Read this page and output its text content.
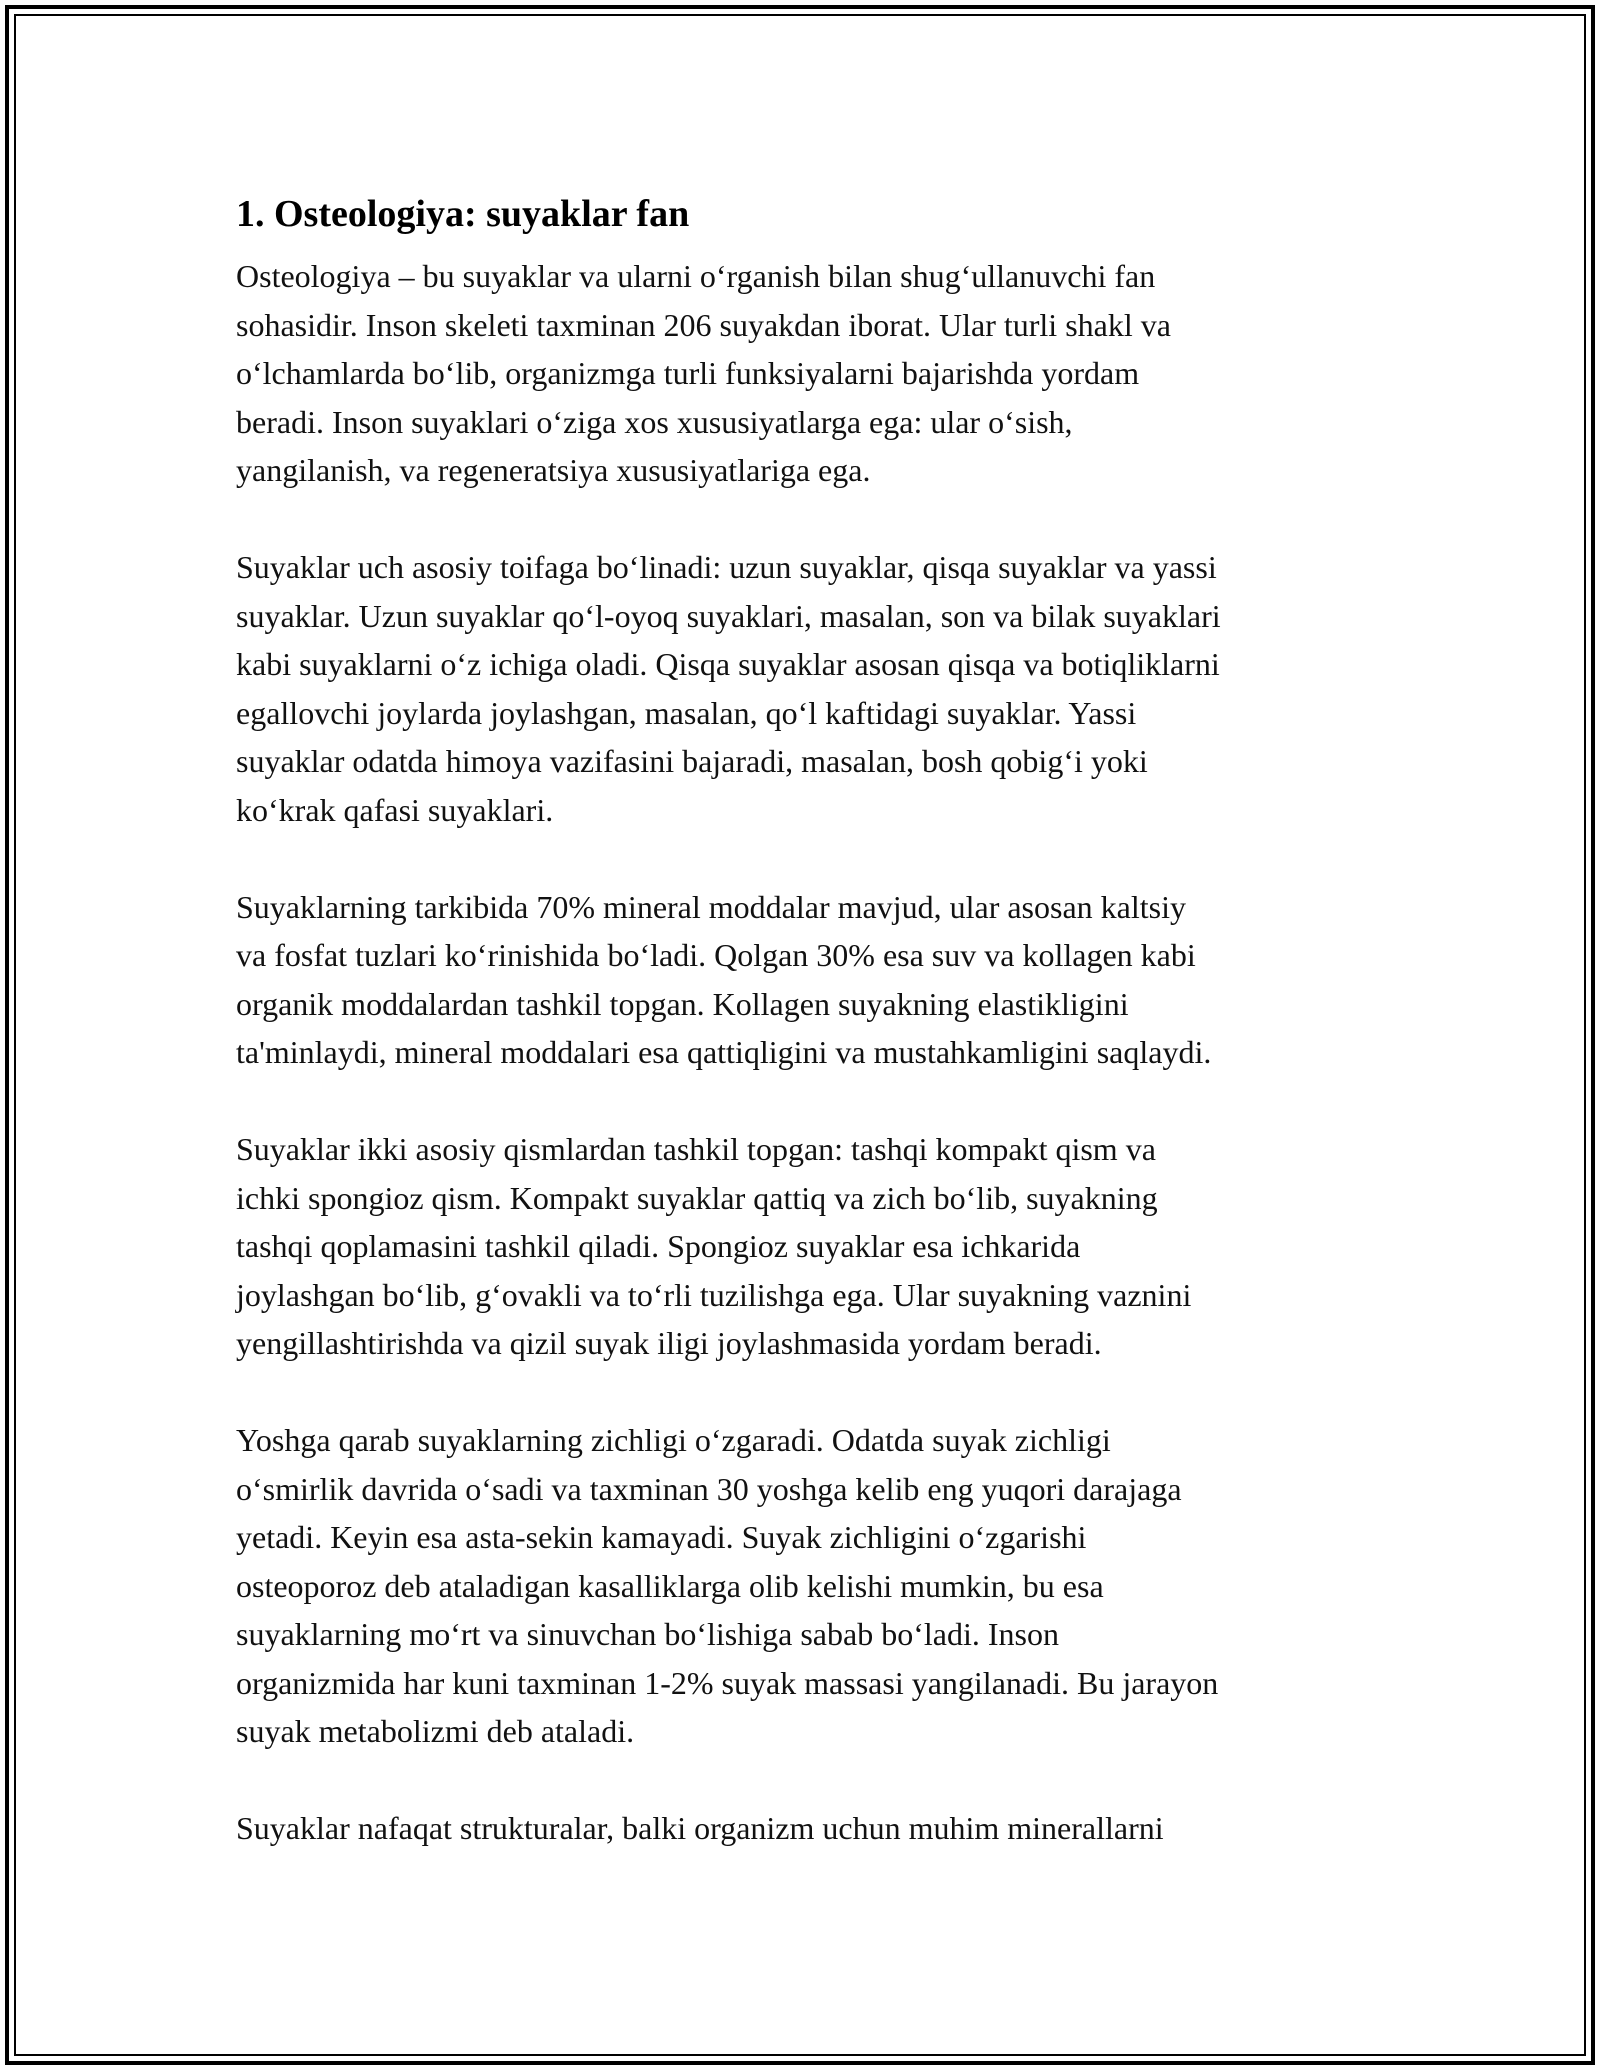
1. Osteologiya: suyaklar fan

Osteologiya – bu suyaklar va ularni o‘rganish bilan shug‘ullanuvchi fan
sohasidir. Inson skeleti taxminan 206 suyakdan iborat. Ular turli shakl va
o‘lchamlarda bo‘lib, organizmga turli funksiyalarni bajarishda yordam
beradi. Inson suyaklari o‘ziga xos xususiyatlarga ega: ular o‘sish,
yangilanish, va regeneratsiya xususiyatlariga ega.

Suyaklar uch asosiy toifaga bo‘linadi: uzun suyaklar, qisqa suyaklar va yassi
suyaklar. Uzun suyaklar qo‘l-oyoq suyaklari, masalan, son va bilak suyaklari
kabi suyaklarni o‘z ichiga oladi. Qisqa suyaklar asosan qisqa va botiqliklarni
egallovchi joylarda joylashgan, masalan, qo‘l kaftidagi suyaklar. Yassi
suyaklar odatda himoya vazifasini bajaradi, masalan, bosh qobig‘i yoki
ko‘krak qafasi suyaklari.

Suyaklarning tarkibida 70% mineral moddalar mavjud, ular asosan kaltsiy
va fosfat tuzlari ko‘rinishida bo‘ladi. Qolgan 30% esa suv va kollagen kabi
organik moddalardan tashkil topgan. Kollagen suyakning elastikligini
ta'minlaydi, mineral moddalari esa qattiqligini va mustahkamligini saqlaydi.

Suyaklar ikki asosiy qismlardan tashkil topgan: tashqi kompakt qism va
ichki spongioz qism. Kompakt suyaklar qattiq va zich bo‘lib, suyakning
tashqi qoplamasini tashkil qiladi. Spongioz suyaklar esa ichkarida
joylashgan bo‘lib, g‘ovakli va to‘rli tuzilishga ega. Ular suyakning vaznini
yengillashtirishda va qizil suyak iligi joylashmasida yordam beradi.

Yoshga qarab suyaklarning zichligi o‘zgaradi. Odatda suyak zichligi
o‘smirlik davrida o‘sadi va taxminan 30 yoshga kelib eng yuqori darajaga
yetadi. Keyin esa asta-sekin kamayadi. Suyak zichligini o‘zgarishi
osteoporoz deb ataladigan kasalliklarga olib kelishi mumkin, bu esa
suyaklarning mo‘rt va sinuvchan bo‘lishiga sabab bo‘ladi. Inson
organizmida har kuni taxminan 1-2% suyak massasi yangilanadi. Bu jarayon
suyak metabolizmi deb ataladi.

Suyaklar nafaqat strukturalar, balki organizm uchun muhim minerallarni
